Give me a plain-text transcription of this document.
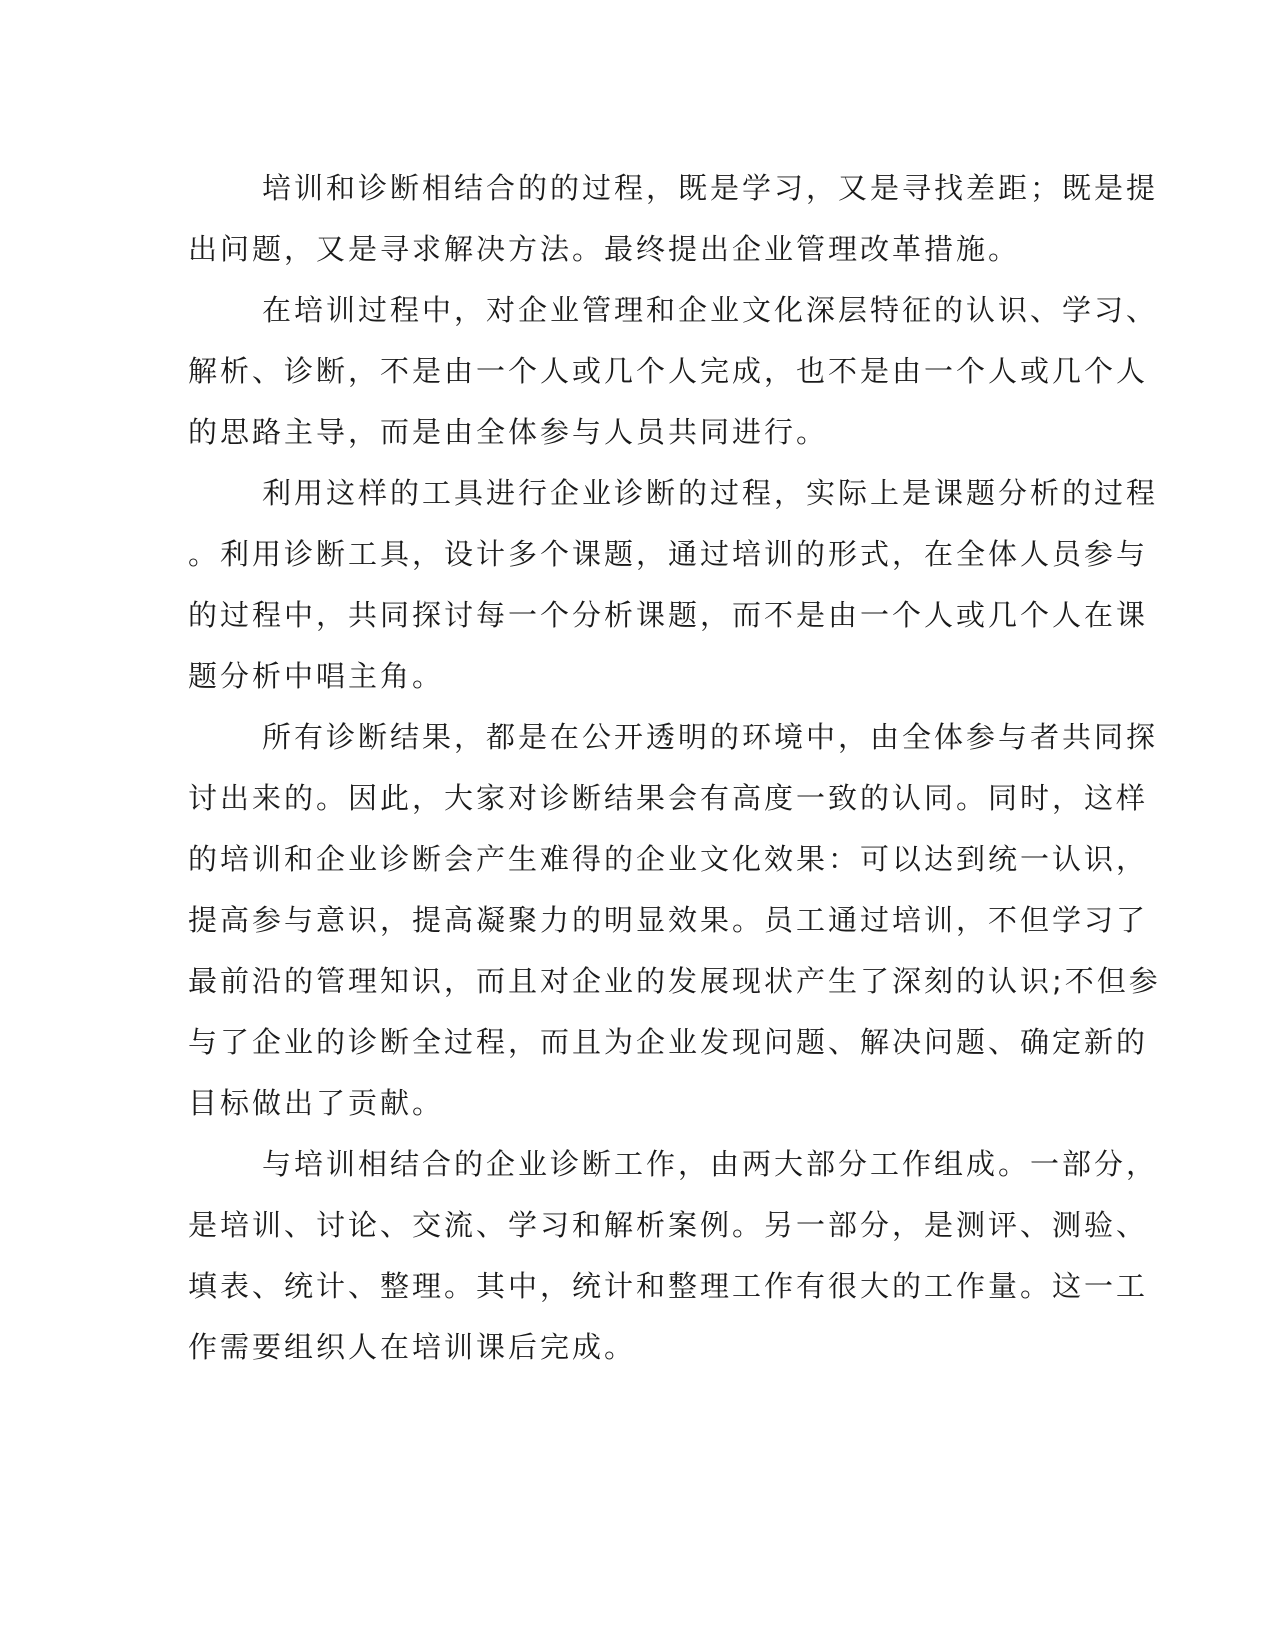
培训和诊断相结合的的过程，既是学习，又是寻找差距；既是提
出问题，又是寻求解决方法。最终提出企业管理改革措施。
在培训过程中，对企业管理和企业文化深层特征的认识、学习、
解析、诊断，不是由一个人或几个人完成，也不是由一个人或几个人
的思路主导，而是由全体参与人员共同进行。
利用这样的工具进行企业诊断的过程，实际上是课题分析的过程
。利用诊断工具，设计多个课题，通过培训的形式，在全体人员参与
的过程中，共同探讨每一个分析课题，而不是由一个人或几个人在课
题分析中唱主角。
所有诊断结果，都是在公开透明的环境中，由全体参与者共同探
讨出来的。因此，大家对诊断结果会有高度一致的认同。同时，这样
的培训和企业诊断会产生难得的企业文化效果：可以达到统一认识，
提高参与意识，提高凝聚力的明显效果。员工通过培训，不但学习了
最前沿的管理知识，而且对企业的发展现状产生了深刻的认识;不但参
与了企业的诊断全过程，而且为企业发现问题、解决问题、确定新的
目标做出了贡献。
与培训相结合的企业诊断工作，由两大部分工作组成。一部分，
是培训、讨论、交流、学习和解析案例。另一部分，是测评、测验、
填表、统计、整理。其中，统计和整理工作有很大的工作量。这一工
作需要组织人在培训课后完成。
